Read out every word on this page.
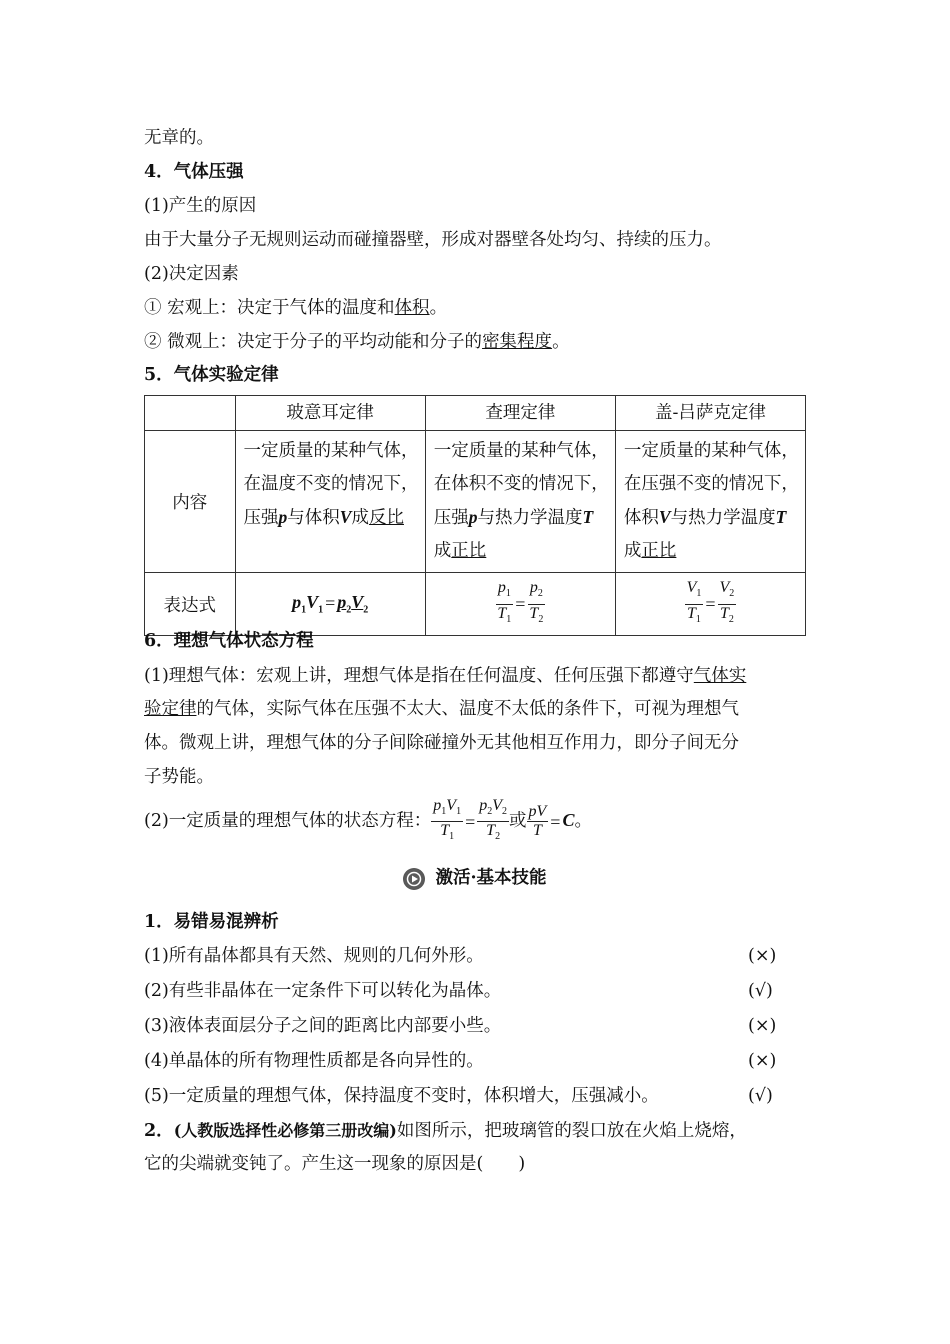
无章的。
4．气体压强
(1)产生的原因
由于大量分子无规则运动而碰撞器壁，形成对器壁各处均匀、持续的压力。
(2)决定因素
① 宏观上：决定于气体的温度和体积。
② 微观上：决定于分子的平均动能和分子的密集程度。
5．气体实验定律
	玻意耳定律	查理定律	盖-吕萨克定律
内容	一定质量的某种气体，在温度不变的情况下，压强p与体积V成反比	一定质量的某种气体，在体积不变的情况下，压强p与热力学温度T成正比	一定质量的某种气体，在压强不变的情况下，体积V与热力学温度T成正比
表达式	$p_1V_1 = p_2V_2$	$\frac{p_1}{T_1} = \frac{p_2}{T_2}$	$\frac{V_1}{T_1} = \frac{V_2}{T_2}$
6．理想气体状态方程
(1)理想气体：宏观上讲，理想气体是指在任何温度、任何压强下都遵守气体实
验定律的气体，实际气体在压强不太大、温度不太低的条件下，可视为理想气
体。微观上讲，理想气体的分子间除碰撞外无其他相互作用力，即分子间无分
子势能。
(2)一定质量的理想气体的状态方程： $\frac{p_1V_1}{T_1} = \frac{p_2V_2}{T_2}$ 或 $\frac{pV}{T} = C$。
激活·基本技能
1．易错易混辨析
(1)所有晶体都具有天然、规则的几何外形。	(×)
(2)有些非晶体在一定条件下可以转化为晶体。	(√)
(3)液体表面层分子之间的距离比内部要小些。	(×)
(4)单晶体的所有物理性质都是各向异性的。	(×)
(5)一定质量的理想气体，保持温度不变时，体积增大，压强减小。	(√)
2．(人教版选择性必修第三册改编)如图所示，把玻璃管的裂口放在火焰上烧熔，
它的尖端就变钝了。产生这一现象的原因是(　　)
